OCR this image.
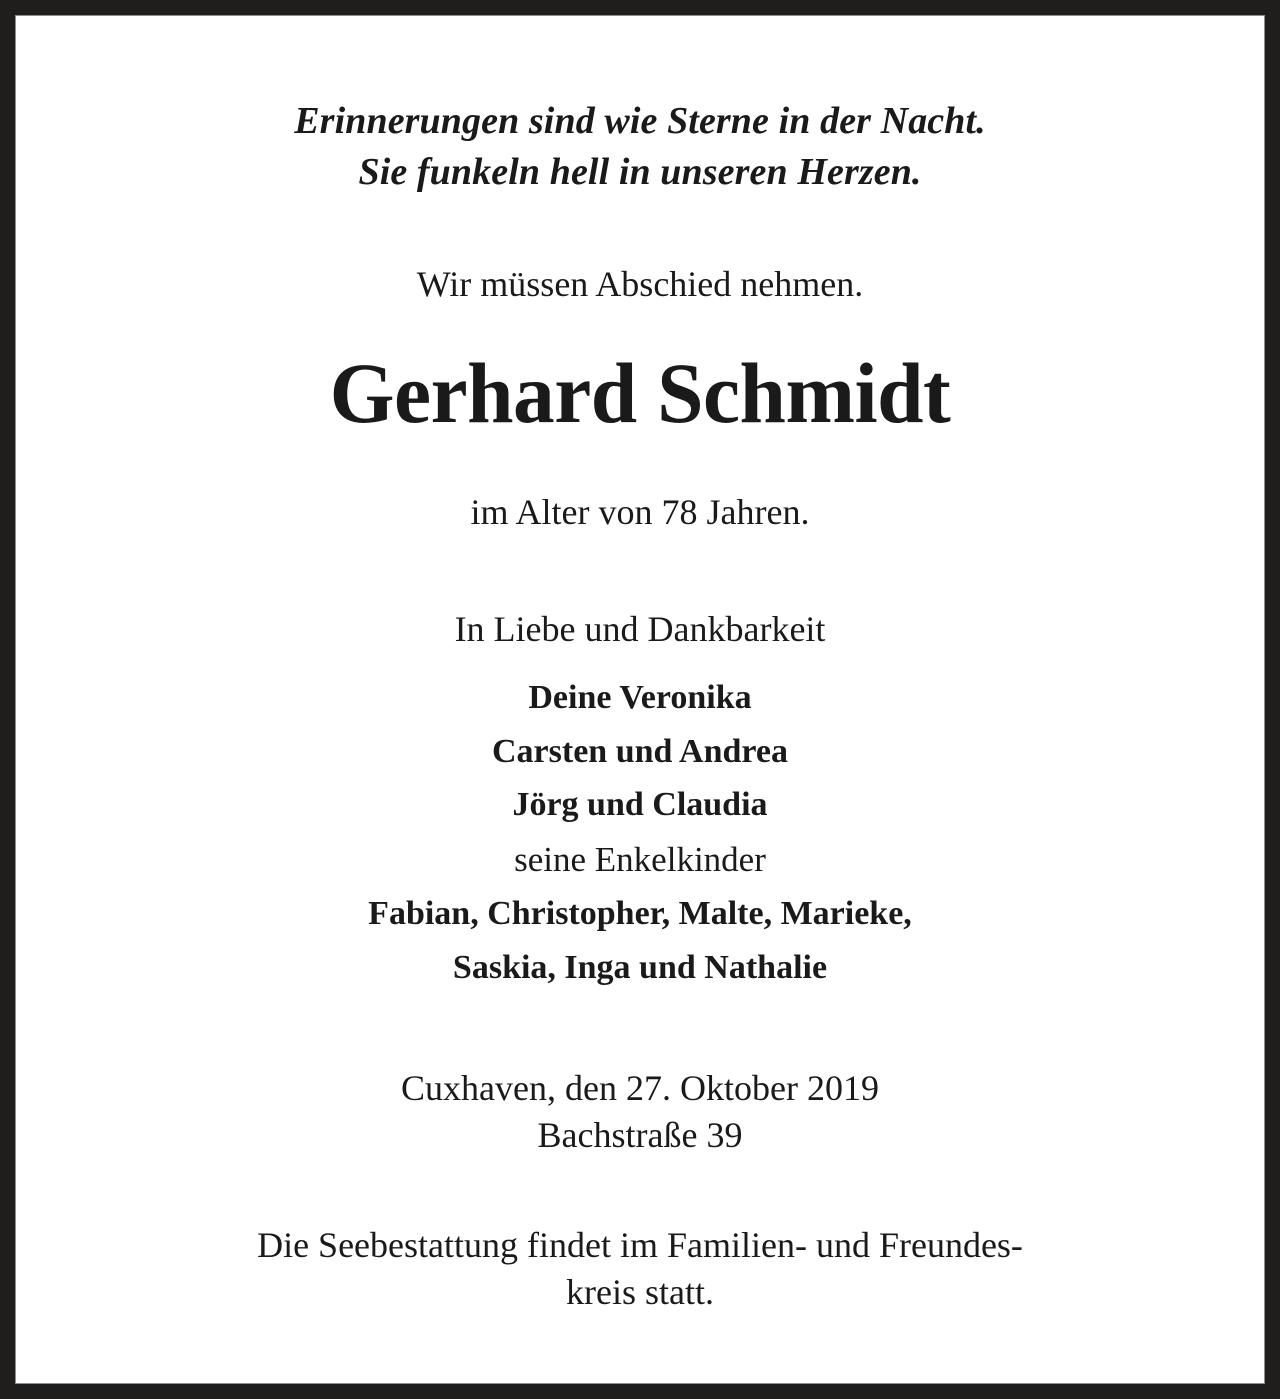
Erinnerungen sind wie Sterne in der Nacht.
Sie funkeln hell in unseren Herzen.
Wir müssen Abschied nehmen.
Gerhard Schmidt
im Alter von 78 Jahren.
In Liebe und Dankbarkeit
Deine Veronika
Carsten und Andrea
Jörg und Claudia
seine Enkelkinder
Fabian, Christopher, Malte, Marieke,
Saskia, Inga und Nathalie
Cuxhaven, den 27. Oktober 2019
Bachstraße 39
Die Seebestattung findet im Familien- und Freundes-
kreis statt.
